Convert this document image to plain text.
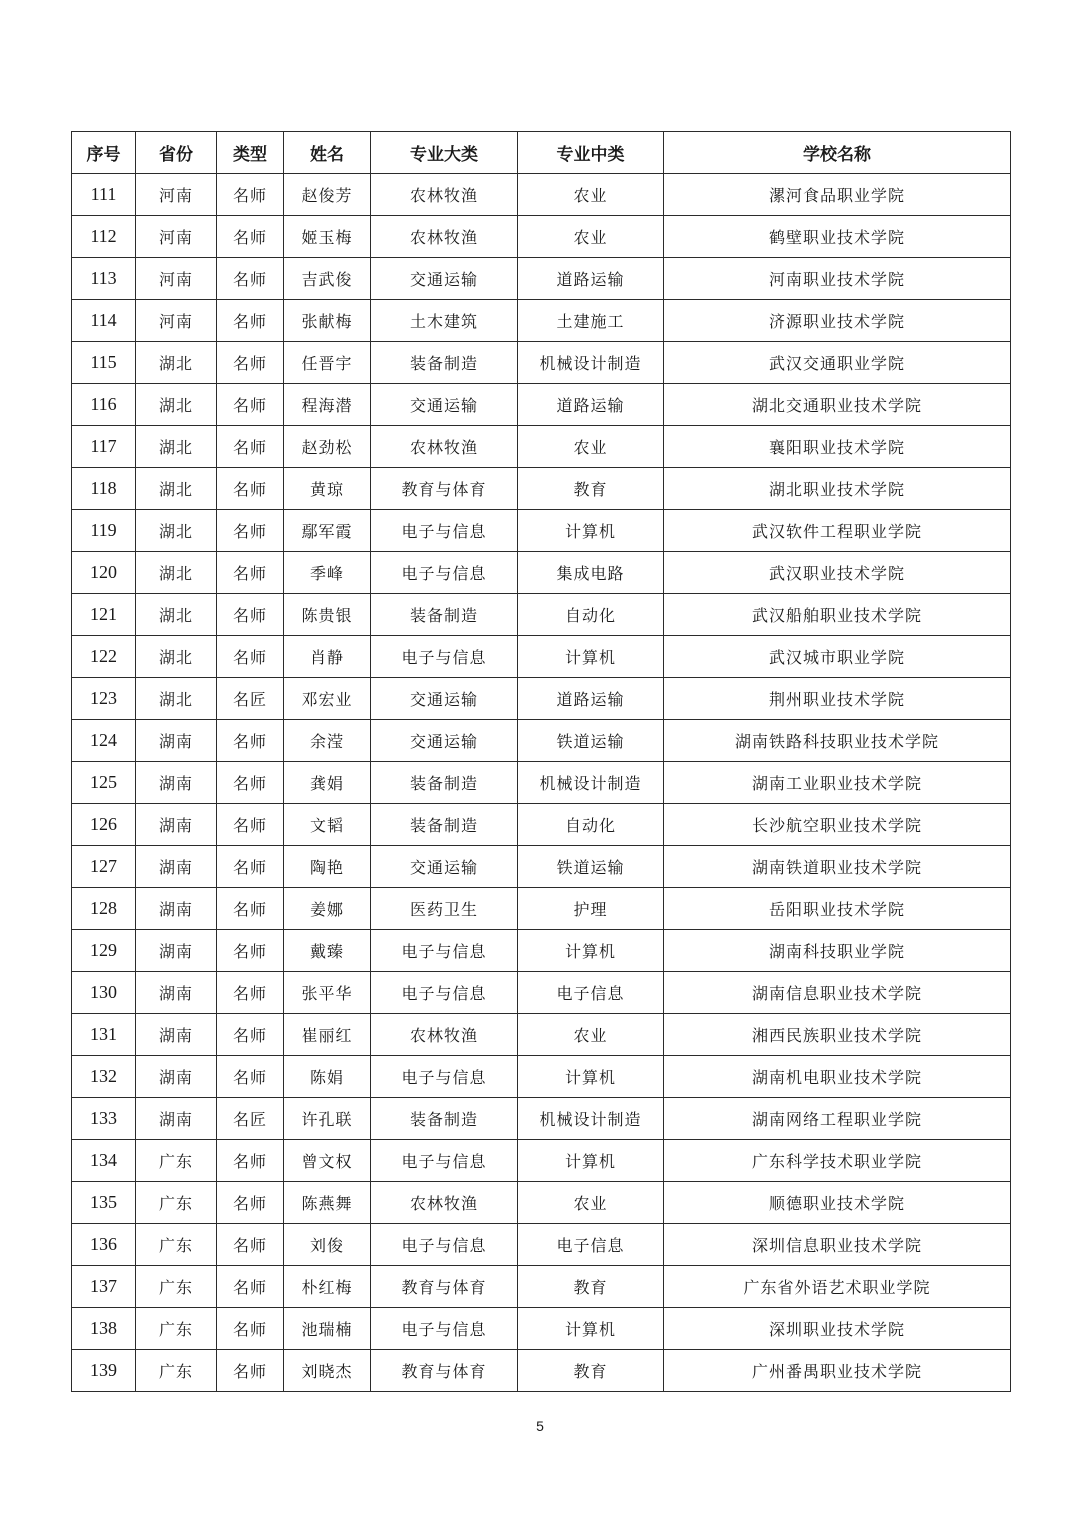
序号	省份	类型	姓名	专业大类	专业中类	学校名称
111	河南	名师	赵俊芳	农林牧渔	农业	漯河食品职业学院
112	河南	名师	姬玉梅	农林牧渔	农业	鹤壁职业技术学院
113	河南	名师	吉武俊	交通运输	道路运输	河南职业技术学院
114	河南	名师	张献梅	土木建筑	土建施工	济源职业技术学院
115	湖北	名师	任晋宇	装备制造	机械设计制造	武汉交通职业学院
116	湖北	名师	程海潜	交通运输	道路运输	湖北交通职业技术学院
117	湖北	名师	赵劲松	农林牧渔	农业	襄阳职业技术学院
118	湖北	名师	黄琼	教育与体育	教育	湖北职业技术学院
119	湖北	名师	鄢军霞	电子与信息	计算机	武汉软件工程职业学院
120	湖北	名师	季峰	电子与信息	集成电路	武汉职业技术学院
121	湖北	名师	陈贵银	装备制造	自动化	武汉船舶职业技术学院
122	湖北	名师	肖静	电子与信息	计算机	武汉城市职业学院
123	湖北	名匠	邓宏业	交通运输	道路运输	荆州职业技术学院
124	湖南	名师	余滢	交通运输	铁道运输	湖南铁路科技职业技术学院
125	湖南	名师	龚娟	装备制造	机械设计制造	湖南工业职业技术学院
126	湖南	名师	文韬	装备制造	自动化	长沙航空职业技术学院
127	湖南	名师	陶艳	交通运输	铁道运输	湖南铁道职业技术学院
128	湖南	名师	姜娜	医药卫生	护理	岳阳职业技术学院
129	湖南	名师	戴臻	电子与信息	计算机	湖南科技职业学院
130	湖南	名师	张平华	电子与信息	电子信息	湖南信息职业技术学院
131	湖南	名师	崔丽红	农林牧渔	农业	湘西民族职业技术学院
132	湖南	名师	陈娟	电子与信息	计算机	湖南机电职业技术学院
133	湖南	名匠	许孔联	装备制造	机械设计制造	湖南网络工程职业学院
134	广东	名师	曾文权	电子与信息	计算机	广东科学技术职业学院
135	广东	名师	陈燕舞	农林牧渔	农业	顺德职业技术学院
136	广东	名师	刘俊	电子与信息	电子信息	深圳信息职业技术学院
137	广东	名师	朴红梅	教育与体育	教育	广东省外语艺术职业学院
138	广东	名师	池瑞楠	电子与信息	计算机	深圳职业技术学院
139	广东	名师	刘晓杰	教育与体育	教育	广州番禺职业技术学院
5
